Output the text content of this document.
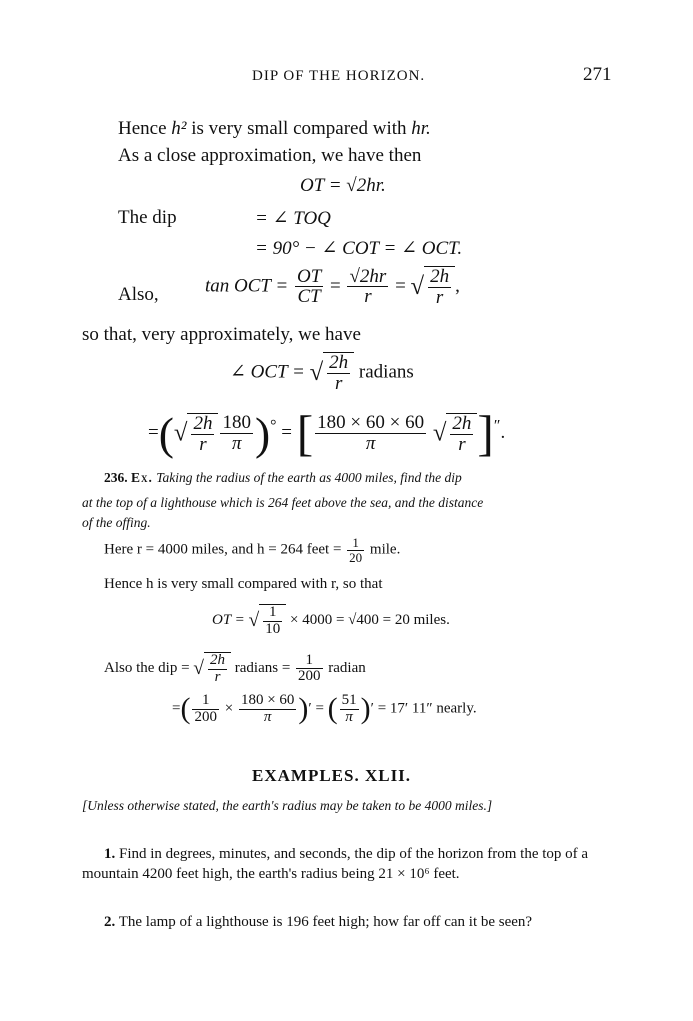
DIP OF THE HORIZON.	271
Hence h² is very small compared with hr.
As a close approximation, we have then
OT = √2hr.
The dip	= ∠ TOQ
= 90° − ∠ COT = ∠ OCT.
Also, tan OCT = $\frac{OT}{CT} = \frac{√2hr}{r}$ = √ $\frac{2h}{r}$ ,
so that, very approximately, we have
∠ OCT = √ $\frac{2h}{r}$ radians
=(√ $\frac{2h}{r} \frac{180}{\pi} )^\circ$ = [ $\frac{180 \times 60 \times 60}{\pi}$ √ $\frac{2h}{r} ]''$.
236. Ex. Taking the radius of the earth as 4000 miles, find the dip
at the top of a lighthouse which is 264 feet above the sea, and the distance
of the offing.
Here r = 4000 miles, and h = 264 feet = $\frac{1}{20}$ mile.
Hence h is very small compared with r, so that
OT = √ $\frac{1}{10} \times 4000 = √400 = 20$ miles.
Also the dip = √ $\frac{2h}{r}$ radians = $\frac{1}{200}$ radian
=( $\frac{1}{200} \times \frac{180 \times 60}{\pi}$ )′ = ( $\frac{51}{\pi}$ )′ = 17′ 11″ nearly.
EXAMPLES. XLII.
[Unless otherwise stated, the earth's radius may be taken to be 4000 miles.]
1. Find in degrees, minutes, and seconds, the dip of the horizon from the top of a mountain 4200 feet high, the earth's radius being 21 × 10⁶ feet.
2. The lamp of a lighthouse is 196 feet high; how far off can it be seen?
